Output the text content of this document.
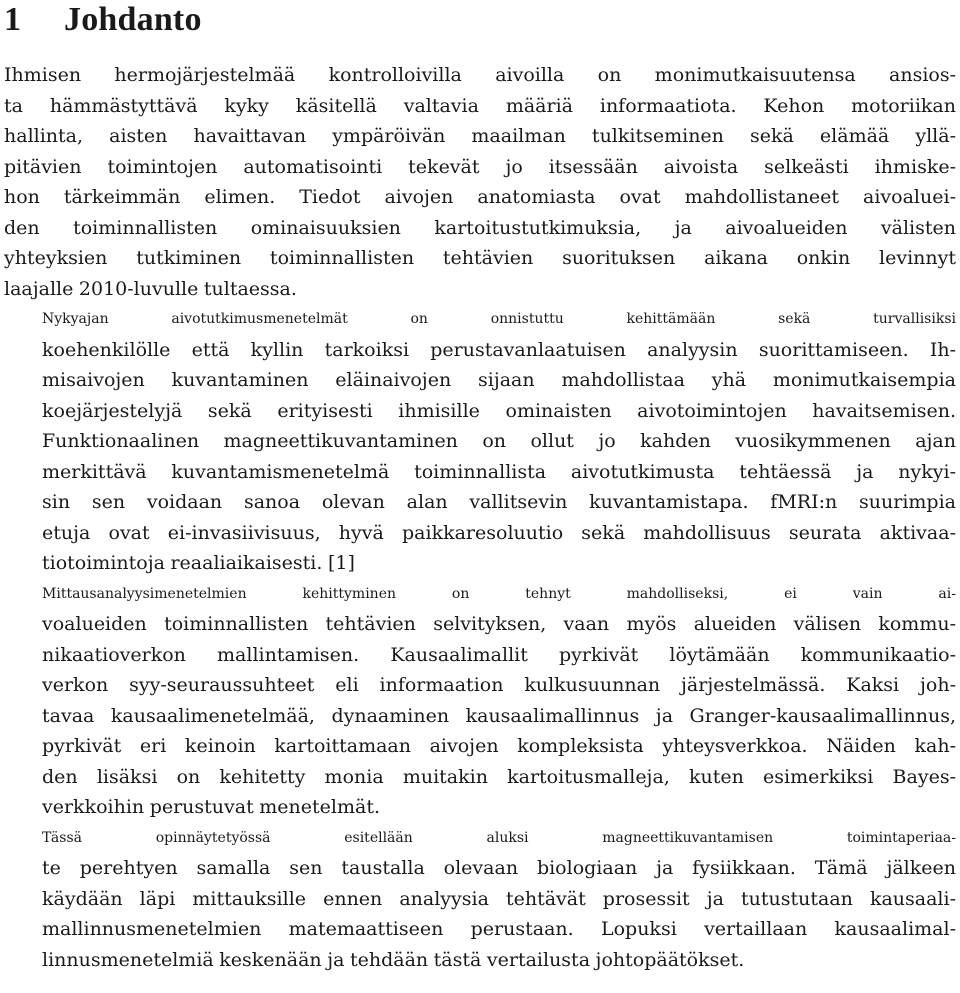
1	Johdanto

Ihmisen hermojärjestelmää kontrolloivilla aivoilla on monimutkaisuutensa ansios-
ta hämmästyttävä kyky käsitellä valtavia määriä informaatiota. Kehon motoriikan
hallinta, aisten havaittavan ympäröivän maailman tulkitseminen sekä elämää yllä-
pitävien toimintojen automatisointi tekevät jo itsessään aivoista selkeästi ihmiske-
hon tärkeimmän elimen. Tiedot aivojen anatomiasta ovat mahdollistaneet aivoaluei-
den toiminnallisten ominaisuuksien kartoitustutkimuksia, ja aivoalueiden välisten
yhteyksien tutkiminen toiminnallisten tehtävien suorituksen aikana onkin levinnyt
laajalle 2010-luvulle tultaessa.

Nykyajan aivotutkimusmenetelmät on onnistuttu kehittämään sekä turvallisiksi
koehenkilölle että kyllin tarkoiksi perustavanlaatuisen analyysin suorittamiseen. Ih-
misaivojen kuvantaminen eläinaivojen sijaan mahdollistaa yhä monimutkaisempia
koejärjestelyjä sekä erityisesti ihmisille ominaisten aivotoimintojen havaitsemisen.
Funktionaalinen magneettikuvantaminen on ollut jo kahden vuosikymmenen ajan
merkittävä kuvantamismenetelmä toiminnallista aivotutkimusta tehtäessä ja nykyi-
sin sen voidaan sanoa olevan alan vallitsevin kuvantamistapa. fMRI:n suurimpia
etuja ovat ei-invasiivisuus, hyvä paikkaresoluutio sekä mahdollisuus seurata aktivaa-
tiotoimintoja reaaliaikaisesti. [1]

Mittausanalyysimenetelmien kehittyminen on tehnyt mahdolliseksi, ei vain ai-
voalueiden toiminnallisten tehtävien selvityksen, vaan myös alueiden välisen kommu-
nikaatioverkon mallintamisen. Kausaalimallit pyrkivät löytämään kommunikaatio-
verkon syy-seuraussuhteet eli informaation kulkusuunnan järjestelmässä. Kaksi joh-
tavaa kausaalimenetelmää, dynaaminen kausaalimallinnus ja Granger-kausaalimallinnus,
pyrkivät eri keinoin kartoittamaan aivojen kompleksista yhteysverkkoa. Näiden kah-
den lisäksi on kehitetty monia muitakin kartoitusmalleja, kuten esimerkiksi Bayes-
verkkoihin perustuvat menetelmät.

Tässä opinnäytetyössä esitellään aluksi magneettikuvantamisen toimintaperiaa-
te perehtyen samalla sen taustalla olevaan biologiaan ja fysiikkaan. Tämä jälkeen
käydään läpi mittauksille ennen analyysia tehtävät prosessit ja tutustutaan kausaali-
mallinnusmenetelmien matemaattiseen perustaan. Lopuksi vertaillaan kausaalimal-
linnusmenetelmiä keskenään ja tehdään tästä vertailusta johtopäätökset.
